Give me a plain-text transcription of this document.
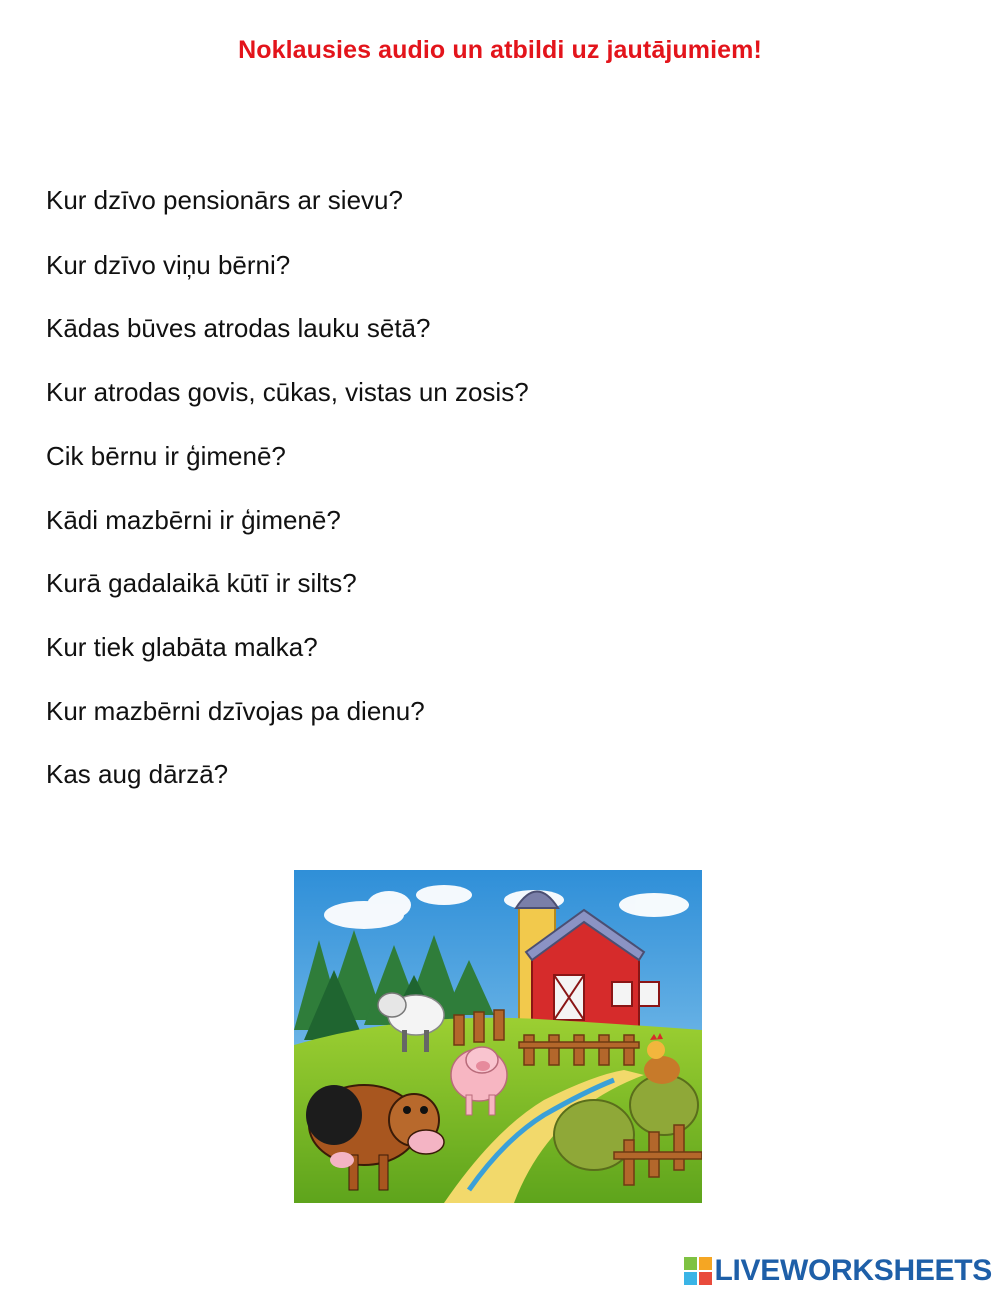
Noklausies audio un atbildi uz jautājumiem!
Kur dzīvo pensionārs ar sievu?
Kur dzīvo viņu bērni?
Kādas būves atrodas lauku sētā?
Kur atrodas govis, cūkas, vistas un zosis?
Cik bērnu ir ģimenē?
Kādi mazbērni ir ģimenē?
Kurā gadalaikā kūtī ir silts?
Kur tiek glabāta malka?
Kur mazbērni dzīvojas pa dienu?
Kas aug dārzā?
LIVEWORKSHEETS
